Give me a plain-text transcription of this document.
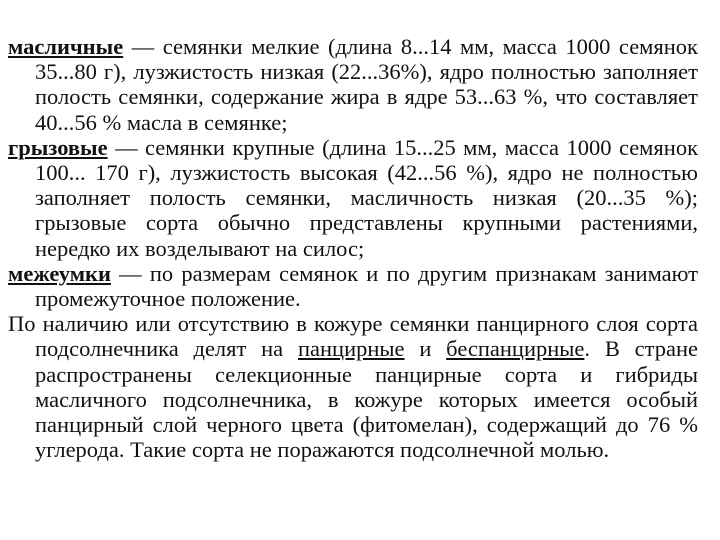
масличные — семянки мелкие (длина 8...14 мм, масса 1000 семянок 35...80 г), лузжистость низкая (22...36%), ядро полностью заполняет полость семянки, содержание жира в ядре 53...63 %, что составляет 40...56 % масла в семянке;

грызовые — семянки крупные (длина 15...25 мм, масса 1000 семянок 100... 170 г), лузжистость высокая (42...56 %), ядро не полностью заполняет полость семянки, масличность низкая (20...35 %); грызовые сорта обычно представлены крупными растениями, нередко их возделывают на силос;

межеумки — по размерам семянок и по другим признакам занимают промежуточное положение.

По наличию или отсутствию в кожуре семянки панцирного слоя сорта подсолнечника делят на панцирные и беспанцирные. В стране распространены селекционные панцирные сорта и гибриды масличного подсолнечника, в кожуре которых имеется особый панцирный слой черного цвета (фитомелан), содержащий до 76 % углерода. Такие сорта не поражаются подсолнечной молью.
